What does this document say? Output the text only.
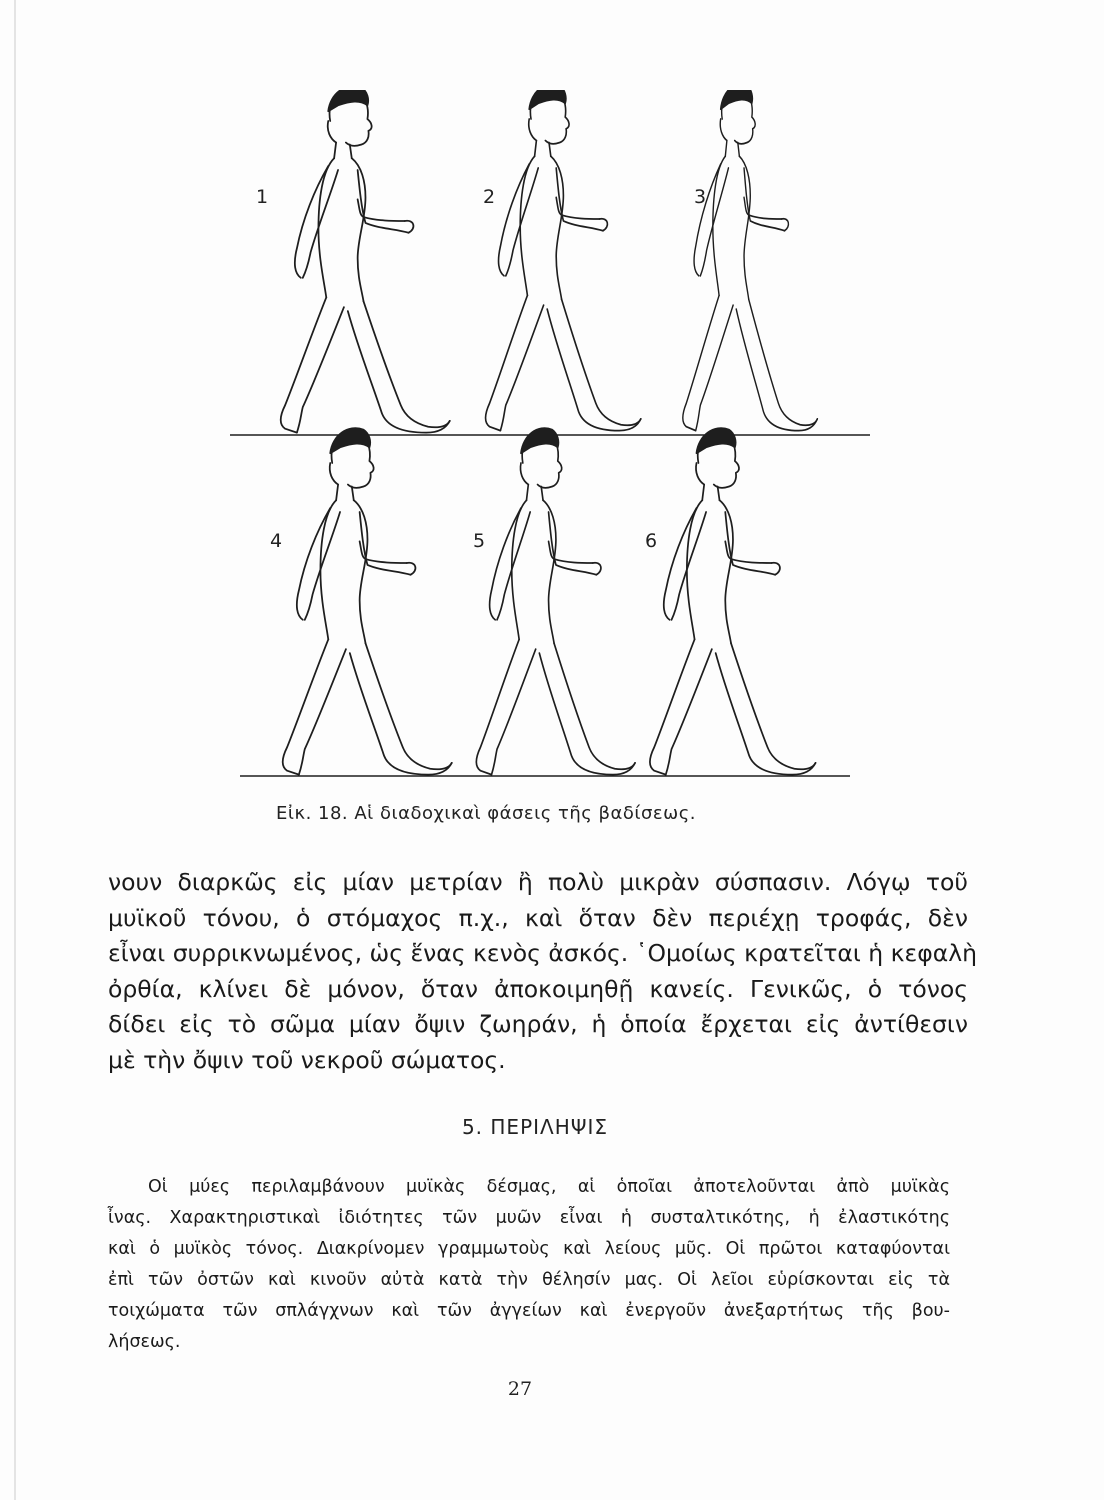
1	2	3
4	5	6
Εἰκ. 18. Αἱ διαδοχικαὶ φάσεις τῆς βαδίσεως.
νουν διαρκῶς εἰς μίαν μετρίαν ἢ πολὺ μικρὰν σύσπασιν. Λόγῳ τοῦ
μυϊκοῦ τόνου, ὁ στόμαχος π.χ., καὶ ὅταν δὲν περιέχῃ τροφάς, δὲν
εἶναι συρρικνωμένος, ὡς ἕνας κενὸς ἀσκός. ῾Ομοίως κρατεῖται ἡ κεφαλὴ
ὀρθία, κλίνει δὲ μόνον, ὅταν ἀποκοιμηθῇ κανείς. Γενικῶς, ὁ τόνος
δίδει εἰς τὸ σῶμα μίαν ὄψιν ζωηράν, ἡ ὁποία ἔρχεται εἰς ἀντίθεσιν
μὲ τὴν ὄψιν τοῦ νεκροῦ σώματος.
5. ΠΕΡΙΛΗΨΙΣ
Οἱ μύες περιλαμβάνουν μυϊκὰς δέσμας, αἱ ὁποῖαι ἀποτελοῦνται ἀπὸ μυϊκὰς
ἶνας. Χαρακτηριστικαὶ ἰδιότητες τῶν μυῶν εἶναι ἡ συσταλτικότης, ἡ ἐλαστικότης
καὶ ὁ μυϊκὸς τόνος. Διακρίνομεν γραμμωτοὺς καὶ λείους μῦς. Οἱ πρῶτοι καταφύονται
ἐπὶ τῶν ὀστῶν καὶ κινοῦν αὐτὰ κατὰ τὴν θέλησίν μας. Οἱ λεῖοι εὑρίσκονται εἰς τὰ
τοιχώματα τῶν σπλάγχνων καὶ τῶν ἀγγείων καὶ ἐνεργοῦν ἀνεξαρτήτως τῆς βου-
λήσεως.
27
